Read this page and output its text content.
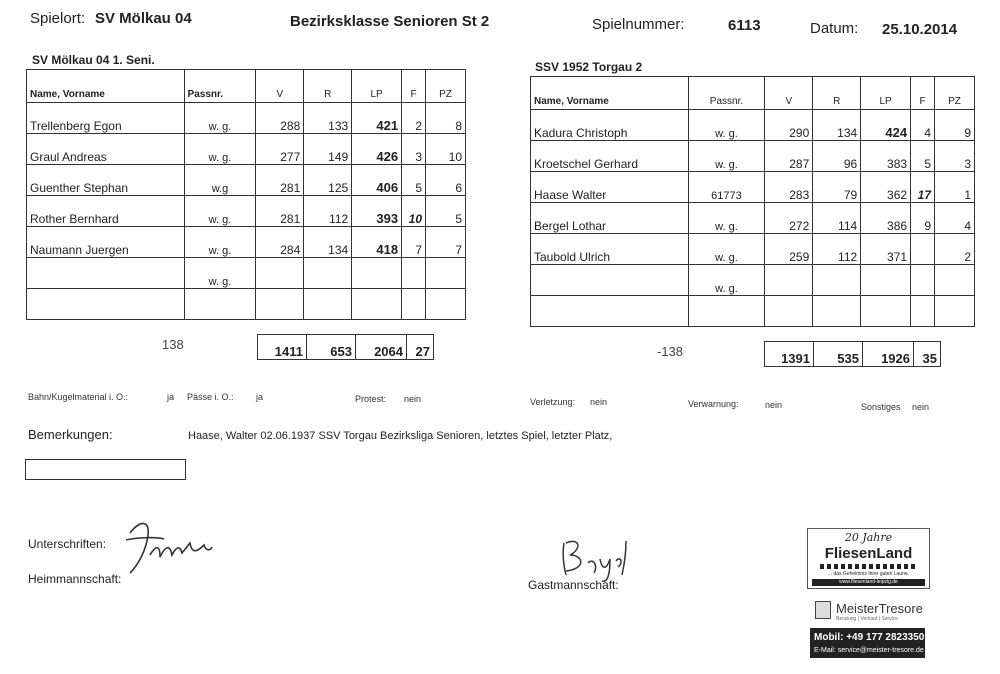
Spielort: SV Mölkau 04	Bezirksklasse Senioren St 2	Spielnummer:	6113	Datum: 25.10.2014
SV Mölkau 04 1. Seni.
Name, Vorname	Passnr.	V	R	LP	F	PZ
Trellenberg Egon	w. g.	288	133	421	2	8
Graul Andreas	w. g.	277	149	426	3	10
Guenther Stephan	w.g	281	125	406	5	6
Rother Bernhard	w. g.	281	112	393	10	5
Naumann Juergen	w. g.	284	134	418	7	7
	w. g.					

138	1411	653	2064	27
SSV 1952 Torgau 2
Name, Vorname	Passnr.	V	R	LP	F	PZ
Kadura Christoph	w. g.	290	134	424	4	9
Kroetschel Gerhard	w. g.	287	96	383	5	3
Haase Walter	61773	283	79	362	17	1
Bergel Lothar	w. g.	272	114	386	9	4
Taubold Ulrich	w. g.	259	112	371		2
	w. g.					

-138	1391	535	1926	35
Bahn/Kugelmaterial i. O.:	ja Pässe i. O.: ja	Protest: nein	Verletzung: nein	Verwarnung:	nein	Sonstiges nein
Bemerkungen:	Haase, Walter 02.06.1937 SSV Torgau Bezirksliga Senioren, letztes Spiel, letzter Platz,
Unterschriften:
Heimmannschaft:	Gastmannschaft:
20 Jahre
FliesenLand
... das Geheimnis Ihrer guten Laune.
www.fliesenland-leipzig.de
MeisterTresore
Beratung | Verkauf | Service
Mobil: +49 177 2823350
E-Mail: service@meister-tresore.de
